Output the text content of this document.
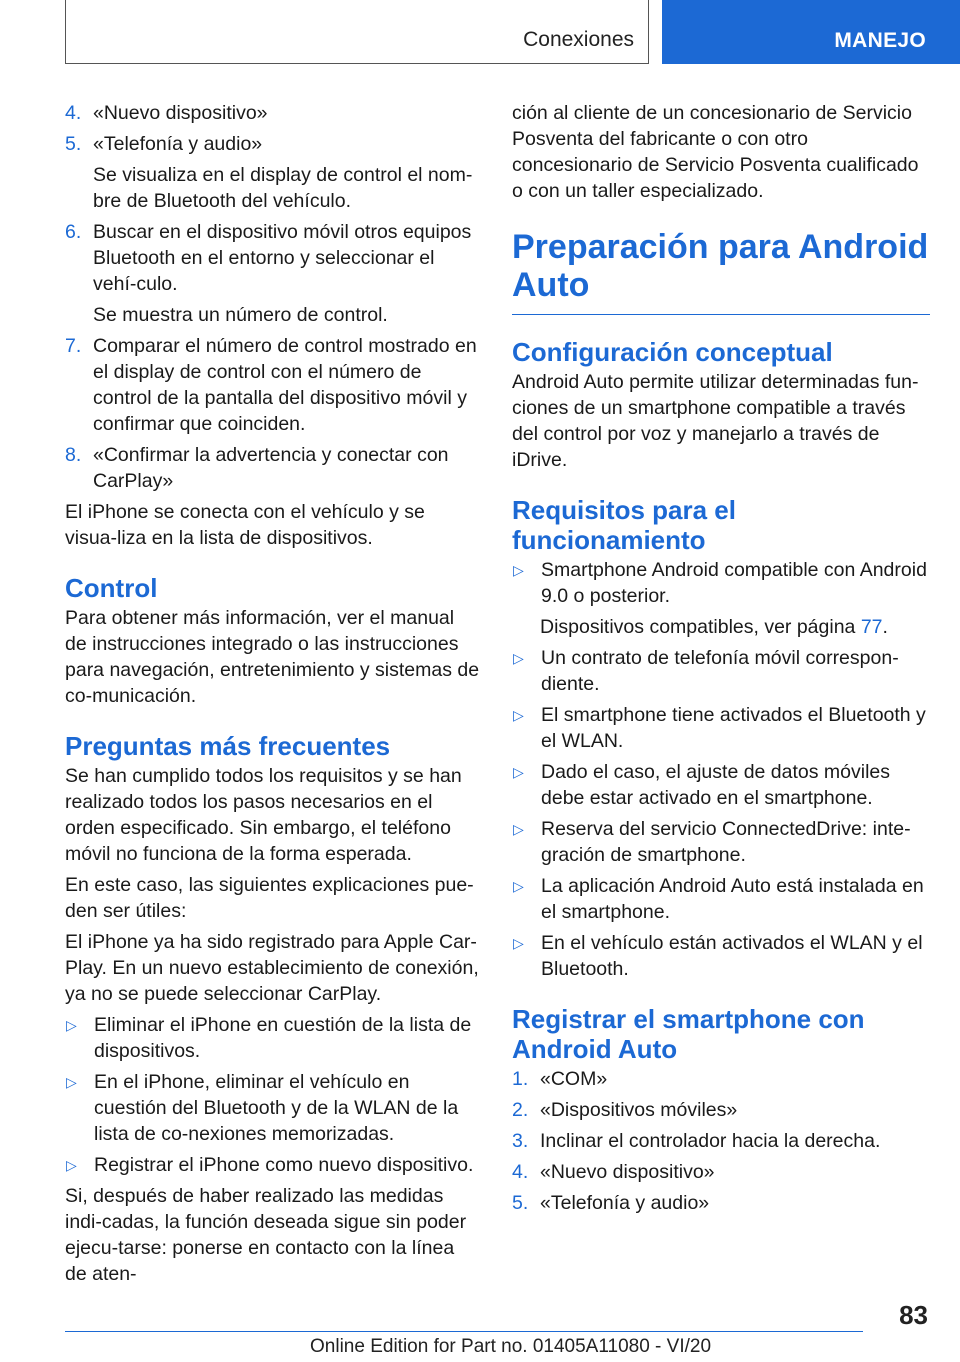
Conexiones	MANEJO
4. «Nuevo dispositivo»
5. «Telefonía y audio»
Se visualiza en el display de control el nom-bre de Bluetooth del vehículo.
6. Buscar en el dispositivo móvil otros equipos Bluetooth en el entorno y seleccionar el vehí-culo.
Se muestra un número de control.
7. Comparar el número de control mostrado en el display de control con el número de control de la pantalla del dispositivo móvil y confirmar que coinciden.
8. «Confirmar la advertencia y conectar con CarPlay»

El iPhone se conecta con el vehículo y se visua-liza en la lista de dispositivos.

Control

Para obtener más información, ver el manual de instrucciones integrado o las instrucciones para navegación, entretenimiento y sistemas de co-municación.

Preguntas más frecuentes

Se han cumplido todos los requisitos y se han realizado todos los pasos necesarios en el orden especificado. Sin embargo, el teléfono móvil no funciona de la forma esperada.

En este caso, las siguientes explicaciones pue-den ser útiles:

El iPhone ya ha sido registrado para Apple Car-Play. En un nuevo establecimiento de conexión, ya no se puede seleccionar CarPlay.

▷ Eliminar el iPhone en cuestión de la lista de dispositivos.
▷ En el iPhone, eliminar el vehículo en cuestión del Bluetooth y de la WLAN de la lista de co-nexiones memorizadas.
▷ Registrar el iPhone como nuevo dispositivo.

Si, después de haber realizado las medidas indi-cadas, la función deseada sigue sin poder ejecu-tarse: ponerse en contacto con la línea de aten-

ción al cliente de un concesionario de Servicio Posventa del fabricante o con otro concesionario de Servicio Posventa cualificado o con un taller especializado.

Preparación para Android Auto
Configuración conceptual

Android Auto permite utilizar determinadas fun-ciones de un smartphone compatible a través del control por voz y manejarlo a través de iDrive.

Requisitos para el funcionamiento
▷ Smartphone Android compatible con Android 9.0 o posterior.
Dispositivos compatibles, ver página 77.
▷ Un contrato de telefonía móvil correspon-diente.
▷ El smartphone tiene activados el Bluetooth y el WLAN.
▷ Dado el caso, el ajuste de datos móviles debe estar activado en el smartphone.
▷ Reserva del servicio ConnectedDrive: inte-gración de smartphone.
▷ La aplicación Android Auto está instalada en el smartphone.
▷ En el vehículo están activados el WLAN y el Bluetooth.
Registrar el smartphone con Android Auto
1. «COM»
2. «Dispositivos móviles»
3. Inclinar el controlador hacia la derecha.
4. «Nuevo dispositivo»
5. «Telefonía y audio»
83
Online Edition for Part no. 01405A11080 - VI/20
